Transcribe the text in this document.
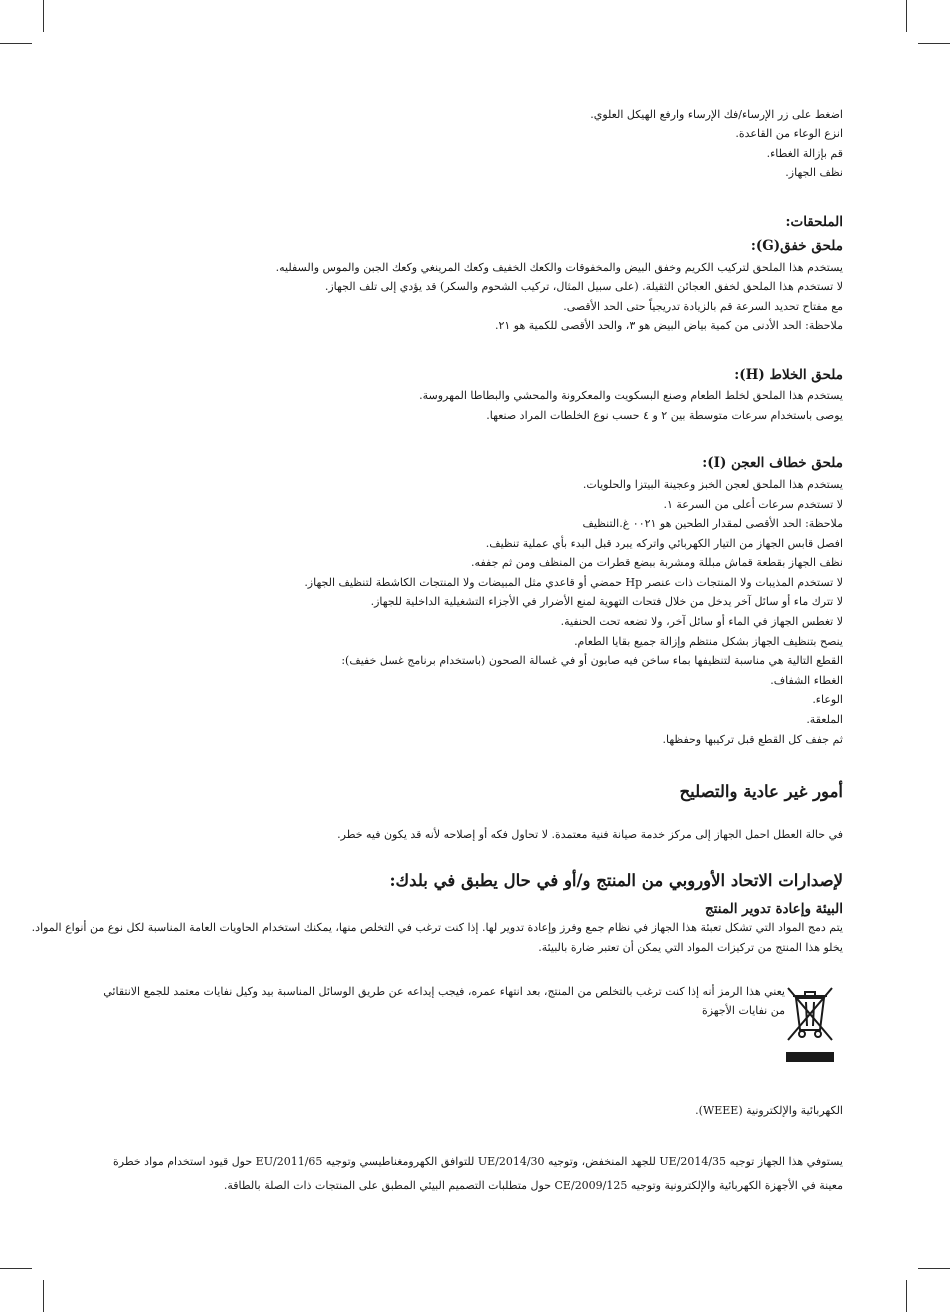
اضغط على زر الإرساء/فك الإرساء وارفع الهيكل العلوي.
انزع الوعاء من القاعدة.
قم بإزالة الغطاء.
نظف الجهاز.
الملحقات:
ملحق خفق(G):
يستخدم هذا الملحق لتركيب الكريم وخفق البيض والمخفوقات والكعك الخفيف وكعك المرينغي وكعك الجبن والموس والسفليه.
لا تستخدم هذا الملحق لخفق العجائن الثقيلة. (على سبيل المثال، تركيب الشحوم والسكر) قد يؤدي إلى تلف الجهاز.
مع مفتاح تحديد السرعة قم بالزيادة تدريجياً حتى الحد الأقصى.
ملاحظة: الحد الأدنى من كمية بياض البيض هو ٣، والحد الأقصى للكمية هو ٢١.
ملحق الخلاط (H):
يستخدم هذا الملحق لخلط الطعام وصنع البسكويت والمعكرونة والمحشي والبطاطا المهروسة.
يوصى باستخدام سرعات متوسطة بين ٢ و ٤ حسب نوع الخلطات المراد صنعها.
ملحق خطاف العجن (I):
يستخدم هذا الملحق لعجن الخبز وعجينة البيتزا والحلويات.
لا تستخدم سرعات أعلى من السرعة ١.
ملاحظة: الحد الأقصى لمقدار الطحين هو ٠٠٢١ غ.التنظيف
افصل قابس الجهاز من التيار الكهربائي واتركه يبرد قبل البدء بأي عملية تنظيف.
نظف الجهاز بقطعة قماش مبللة ومشربة ببضع قطرات من المنظف ومن ثم جففه.
لا تستخدم المذيبات ولا المنتجات ذات عنصر Hp حمضي أو قاعدي مثل المبيضات ولا المنتجات الكاشطة لتنظيف الجهاز.
لا تترك ماء أو سائل آخر يدخل من خلال فتحات التهوية لمنع الأضرار في الأجزاء التشغيلية الداخلية للجهاز.
لا تغطس الجهاز في الماء أو سائل آخر، ولا تضعه تحت الحنفية.
ينصح بتنظيف الجهاز بشكل منتظم وإزالة جميع بقايا الطعام.
القطع التالية هي مناسبة لتنظيفها بماء ساخن فيه صابون أو في غسالة الصحون (باستخدام برنامج غسل خفيف):
الغطاء الشفاف.
الوعاء.
الملعقة.
ثم جفف كل القطع قبل تركيبها وحفظها.
أمور غير عادية والتصليح
في حالة العطل احمل الجهاز إلى مركز خدمة صيانة فنية معتمدة. لا تحاول فكه أو إصلاحه لأنه قد يكون فيه خطر.
لإصدارات الاتحاد الأوروبي من المنتج و/أو في حال يطبق في بلدك:
البيئة وإعادة تدوير المنتج
يتم دمج المواد التي تشكل تعبئة هذا الجهاز في نظام جمع وفرز وإعادة تدوير لها. إذا كنت ترغب في التخلص منها، يمكنك استخدام الحاويات العامة المناسبة لكل نوع من أنواع المواد.
يخلو هذا المنتج من تركيزات المواد التي يمكن أن تعتبر ضارة بالبيئة.
يعني هذا الرمز أنه إذا كنت ترغب بالتخلص من المنتج، بعد انتهاء عمره، فيجب إيداعه عن طريق الوسائل المناسبة بيد وكيل نفايات معتمد للجمع الانتقائي من نفايات الأجهزة
الكهربائية والإلكترونية (WEEE).
يستوفي هذا الجهاز توجيه 2014/35/UE للجهد المنخفض، وتوجيه 2014/30/UE للتوافق الكهرومغناطيسي وتوجيه 2011/65/EU حول قيود استخدام مواد خطرة معينة في الأجهزة الكهربائية والإلكترونية وتوجيه 2009/125/CE حول متطلبات التصميم البيئي المطبق على المنتجات ذات الصلة بالطاقة.
